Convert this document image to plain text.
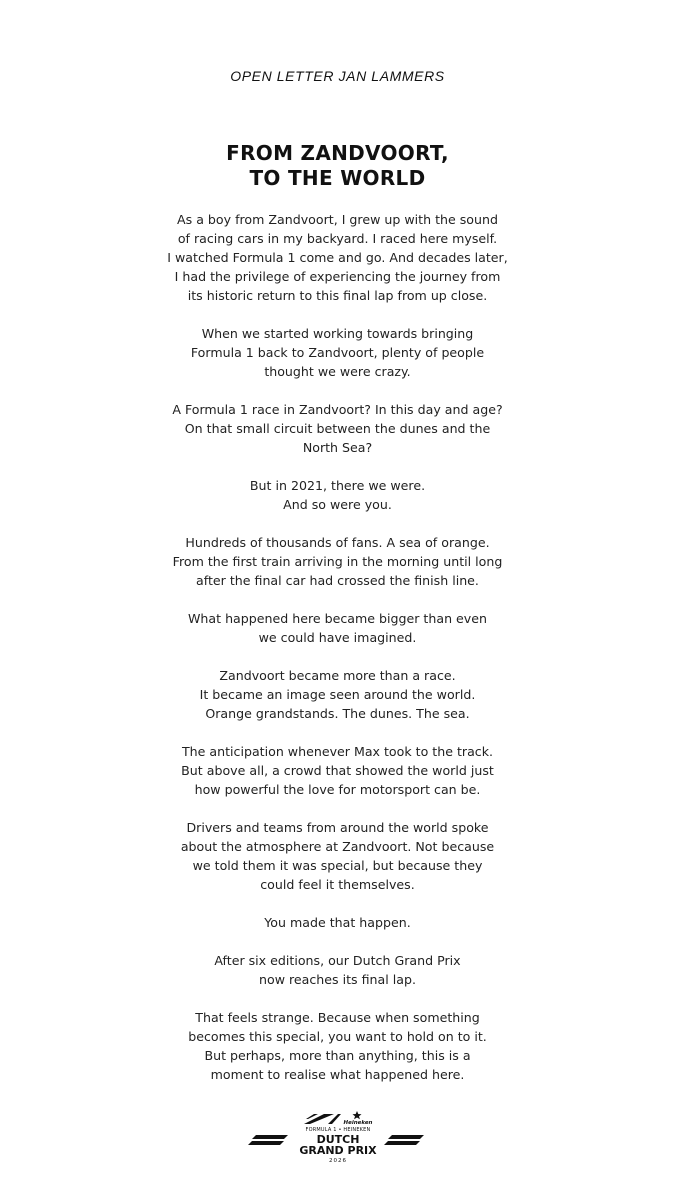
OPEN LETTER JAN LAMMERS
FROM ZANDVOORT,
TO THE WORLD

As a boy from Zandvoort, I grew up with the sound
of racing cars in my backyard. I raced here myself.
I watched Formula 1 come and go. And decades later,
I had the privilege of experiencing the journey from
its historic return to this final lap from up close.

When we started working towards bringing
Formula 1 back to Zandvoort, plenty of people
thought we were crazy.

A Formula 1 race in Zandvoort? In this day and age?
On that small circuit between the dunes and the
North Sea?

But in 2021, there we were.
And so were you.

Hundreds of thousands of fans. A sea of orange.
From the first train arriving in the morning until long
after the final car had crossed the finish line.

What happened here became bigger than even
we could have imagined.

Zandvoort became more than a race.
It became an image seen around the world.
Orange grandstands. The dunes. The sea.

The anticipation whenever Max took to the track.
But above all, a crowd that showed the world just
how powerful the love for motorsport can be.

Drivers and teams from around the world spoke
about the atmosphere at Zandvoort. Not because
we told them it was special, but because they
could feel it themselves.

You made that happen.

After six editions, our Dutch Grand Prix
now reaches its final lap.

That feels strange. Because when something
becomes this special, you want to hold on to it.
But perhaps, more than anything, this is a
moment to realise what happened here.

Heineken
FORMULA 1 • HEINEKEN
DUTCH
GRAND PRIX
2026
